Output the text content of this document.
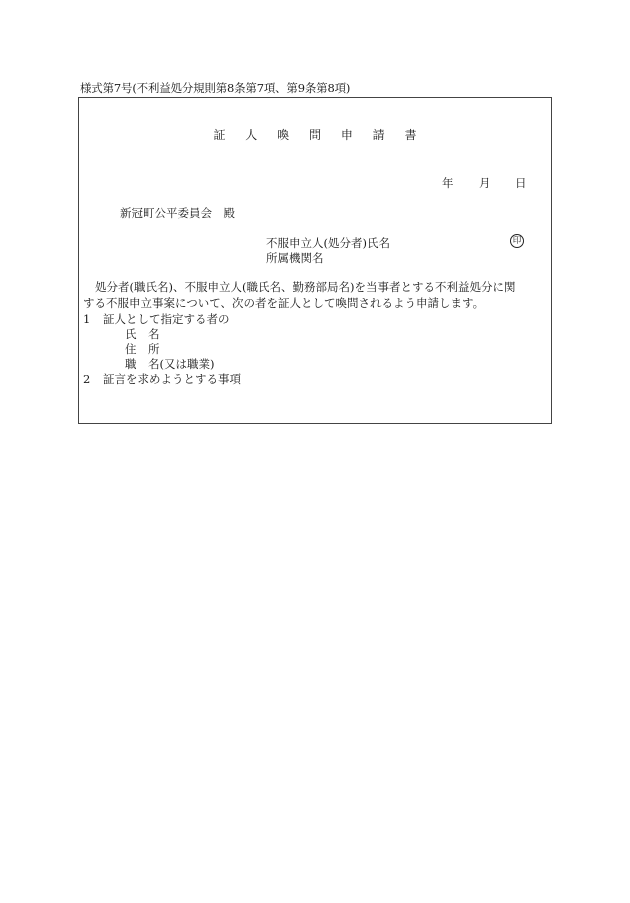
様式第7号(不利益処分規則第8条第7項、第9条第8項)
証 人 喚 問 申 請 書
年 月 日
新冠町公平委員会　殿
不服申立人(処分者)氏名	印
所属機関名
処分者(職氏名)、不服申立人(職氏名、勤務部局名)を当事者とする不利益処分に関
する不服申立事案について、次の者を証人として喚問されるよう申請します。
1 証人として指定する者の
氏　名
住　所
職　名(又は職業)
2 証言を求めようとする事項
